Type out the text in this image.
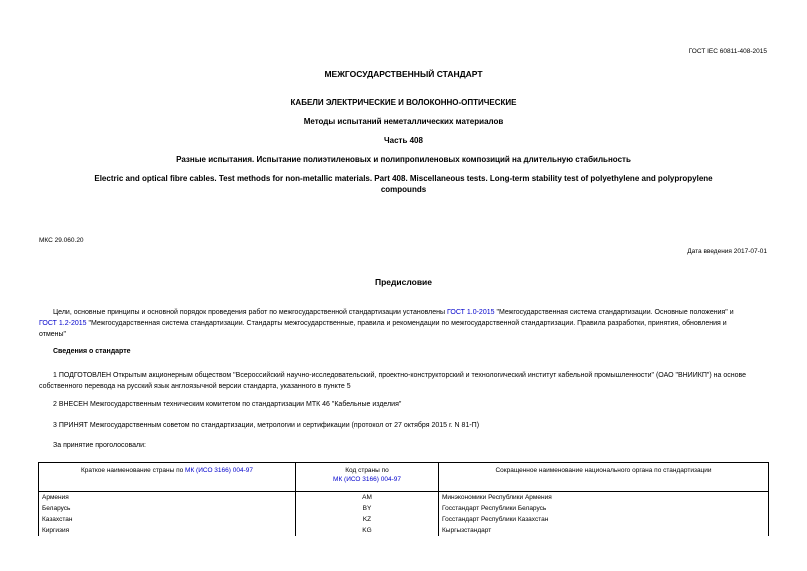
ГОСТ IEC 60811-408-2015
МЕЖГОСУДАРСТВЕННЫЙ СТАНДАРТ
КАБЕЛИ ЭЛЕКТРИЧЕСКИЕ И ВОЛОКОННО-ОПТИЧЕСКИЕ
Методы испытаний неметаллических материалов
Часть 408
Разные испытания. Испытание полиэтиленовых и полипропиленовых композиций на длительную стабильность
Electric and optical fibre cables. Test methods for non-metallic materials. Part 408. Miscellaneous tests. Long-term stability test of polyethylene and polypropylene
compounds
МКС 29.060.20
Дата введения 2017-07-01
Предисловие
Цели, основные принципы и основной порядок проведения работ по межгосударственной стандартизации установлены ГОСТ 1.0-2015 "Межгосударственная система стандартизации. Основные положения" и
ГОСТ 1.2-2015 "Межгосударственная система стандартизации. Стандарты межгосударственные, правила и рекомендации по межгосударственной стандартизации. Правила разработки, принятия, обновления и
отмены"
Сведения о стандарте
1 ПОДГОТОВЛЕН Открытым акционерным обществом "Всероссийский научно-исследовательский, проектно-конструкторский и технологический институт кабельной промышленности" (ОАО "ВНИИКП") на основе
собственного перевода на русский язык англоязычной версии стандарта, указанного в пункте 5
2 ВНЕСЕН Межгосударственным техническим комитетом по стандартизации МТК 46 "Кабельные изделия"
3 ПРИНЯТ Межгосударственным советом по стандартизации, метрологии и сертификации (протокол от 27 октября 2015 г. N 81-П)
За принятие проголосовали:
Краткое наименование страны по МК (ИСО 3166) 004-97	Код страны по
МК (ИСО 3166) 004-97	Сокращенное наименование национального органа по стандартизации
Армения	AM	Минэкономики Республики Армения
Беларусь	BY	Госстандарт Республики Беларусь
Казахстан	KZ	Госстандарт Республики Казахстан
Киргизия	KG	Кыргызстандарт
